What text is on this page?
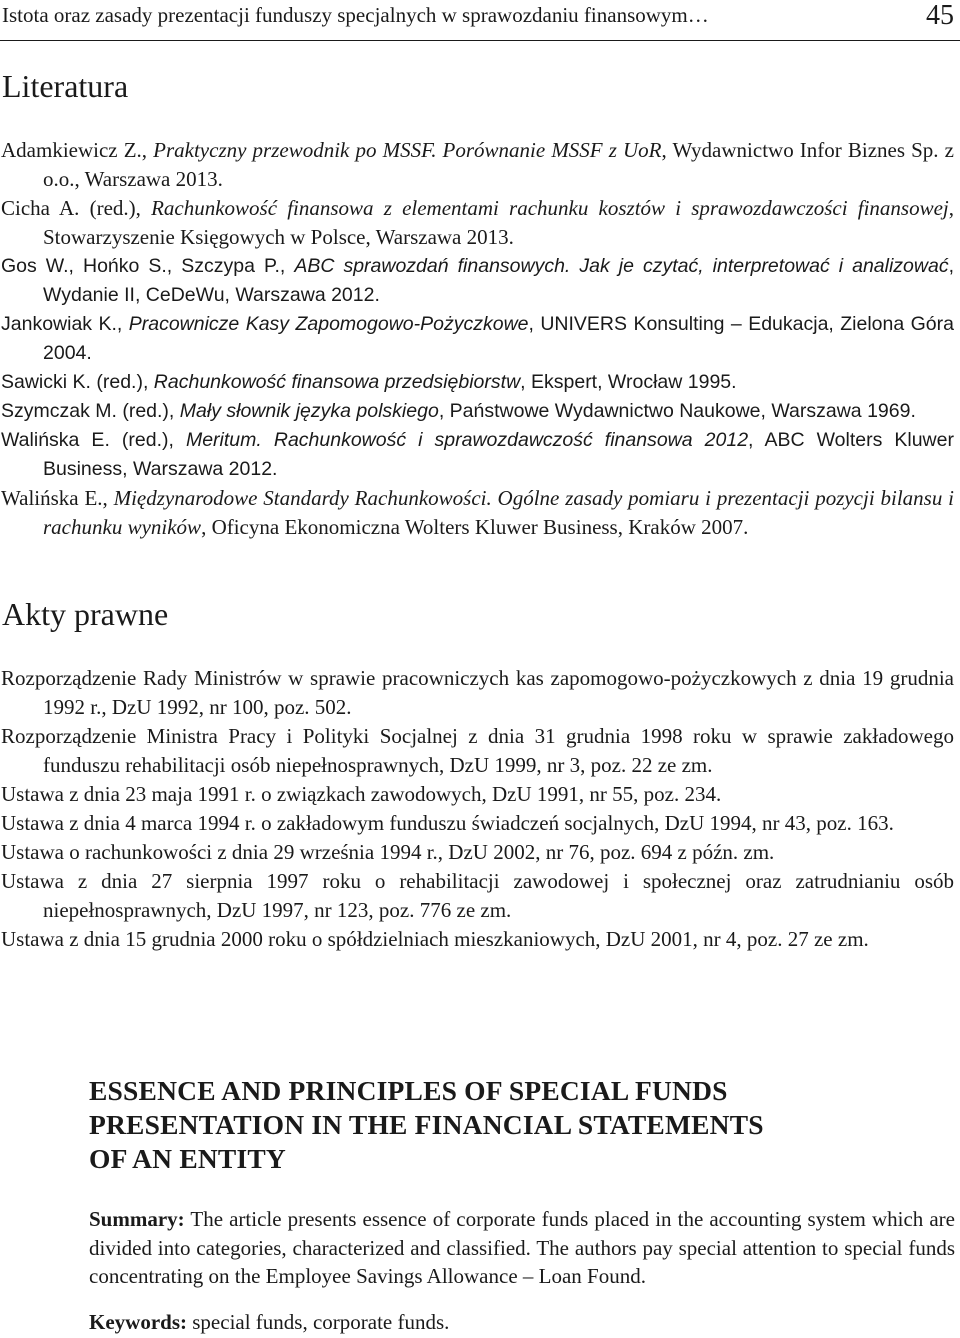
Istota oraz zasady prezentacji funduszy specjalnych w sprawozdaniu finansowym…	45
Literatura
Adamkiewicz Z., Praktyczny przewodnik po MSSF. Porównanie MSSF z UoR, Wydawnictwo Infor Biznes Sp. z o.o., Warszawa 2013.
Cicha A. (red.), Rachunkowość finansowa z elementami rachunku kosztów i sprawozdawczości finansowej, Stowarzyszenie Księgowych w Polsce, Warszawa 2013.
Gos W., Hońko S., Szczypa P., ABC sprawozdań finansowych. Jak je czytać, interpretować i analizować, Wydanie II, CeDeWu, Warszawa 2012.
Jankowiak K., Pracownicze Kasy Zapomogowo-Pożyczkowe, UNIVERS Konsulting – Edukacja, Zielona Góra 2004.
Sawicki K. (red.), Rachunkowość finansowa przedsiębiorstw, Ekspert, Wrocław 1995.
Szymczak M. (red.), Mały słownik języka polskiego, Państwowe Wydawnictwo Naukowe, Warszawa 1969.
Walińska E. (red.), Meritum. Rachunkowość i sprawozdawczość finansowa 2012, ABC Wolters Kluwer Business, Warszawa 2012.
Walińska E., Międzynarodowe Standardy Rachunkowości. Ogólne zasady pomiaru i prezentacji pozycji bilansu i rachunku wyników, Oficyna Ekonomiczna Wolters Kluwer Business, Kraków 2007.
Akty prawne
Rozporządzenie Rady Ministrów w sprawie pracowniczych kas zapomogowo-pożyczkowych z dnia 19 grudnia 1992 r., DzU 1992, nr 100, poz. 502.
Rozporządzenie Ministra Pracy i Polityki Socjalnej z dnia 31 grudnia 1998 roku w sprawie zakładowego funduszu rehabilitacji osób niepełnosprawnych, DzU 1999, nr 3, poz. 22 ze zm.
Ustawa z dnia 23 maja 1991 r. o związkach zawodowych, DzU 1991, nr 55, poz. 234.
Ustawa z dnia 4 marca 1994 r. o zakładowym funduszu świadczeń socjalnych, DzU 1994, nr 43, poz. 163.
Ustawa o rachunkowości z dnia 29 września 1994 r., DzU 2002, nr 76, poz. 694 z późn. zm.
Ustawa z dnia 27 sierpnia 1997 roku o rehabilitacji zawodowej i społecznej oraz zatrudnianiu osób niepełnosprawnych, DzU 1997, nr 123, poz. 776 ze zm.
Ustawa z dnia 15 grudnia 2000 roku o spółdzielniach mieszkaniowych, DzU 2001, nr 4, poz. 27 ze zm.
ESSENCE AND PRINCIPLES OF SPECIAL FUNDS
PRESENTATION IN THE FINANCIAL STATEMENTS
OF AN ENTITY

Summary: The article presents essence of corporate funds placed in the accounting system which are divided into categories, characterized and classified. The authors pay special attention to special funds concentrating on the Employee Savings Allowance – Loan Found.

Keywords: special funds, corporate funds.
